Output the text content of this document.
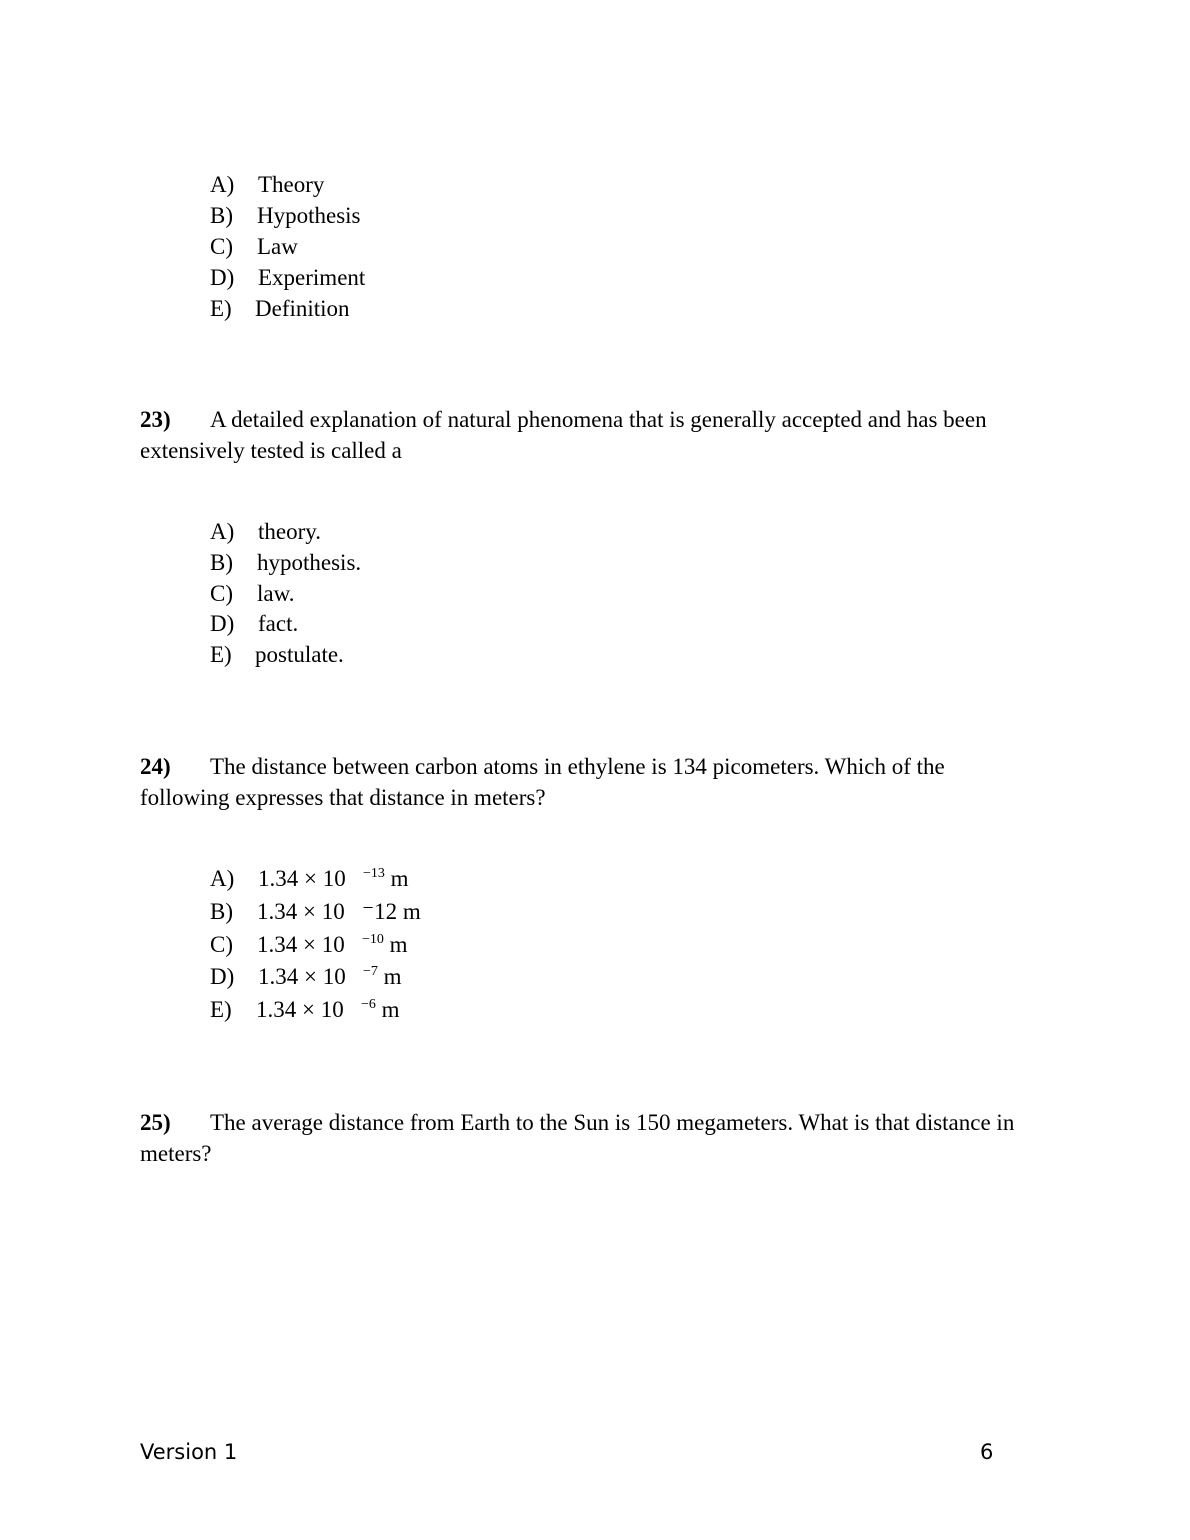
A) Theory
B) Hypothesis
C) Law
D) Experiment
E) Definition
23) A detailed explanation of natural phenomena that is generally accepted and has been
extensively tested is called a
A) theory.
B) hypothesis.
C) law.
D) fact.
E) postulate.
24) The distance between carbon atoms in ethylene is 134 picometers. Which of the
following expresses that distance in meters?
A) 1.34 × 10 $^{-13}$ m
B) 1.34 × 10 ⁻12 m
C) 1.34 × 10 $^{-10}$ m
D) 1.34 × 10 $^{-7}$ m
E) 1.34 × 10 $^{-6}$ m
25) The average distance from Earth to the Sun is 150 megameters. What is that distance in
meters?
Version 1	6
